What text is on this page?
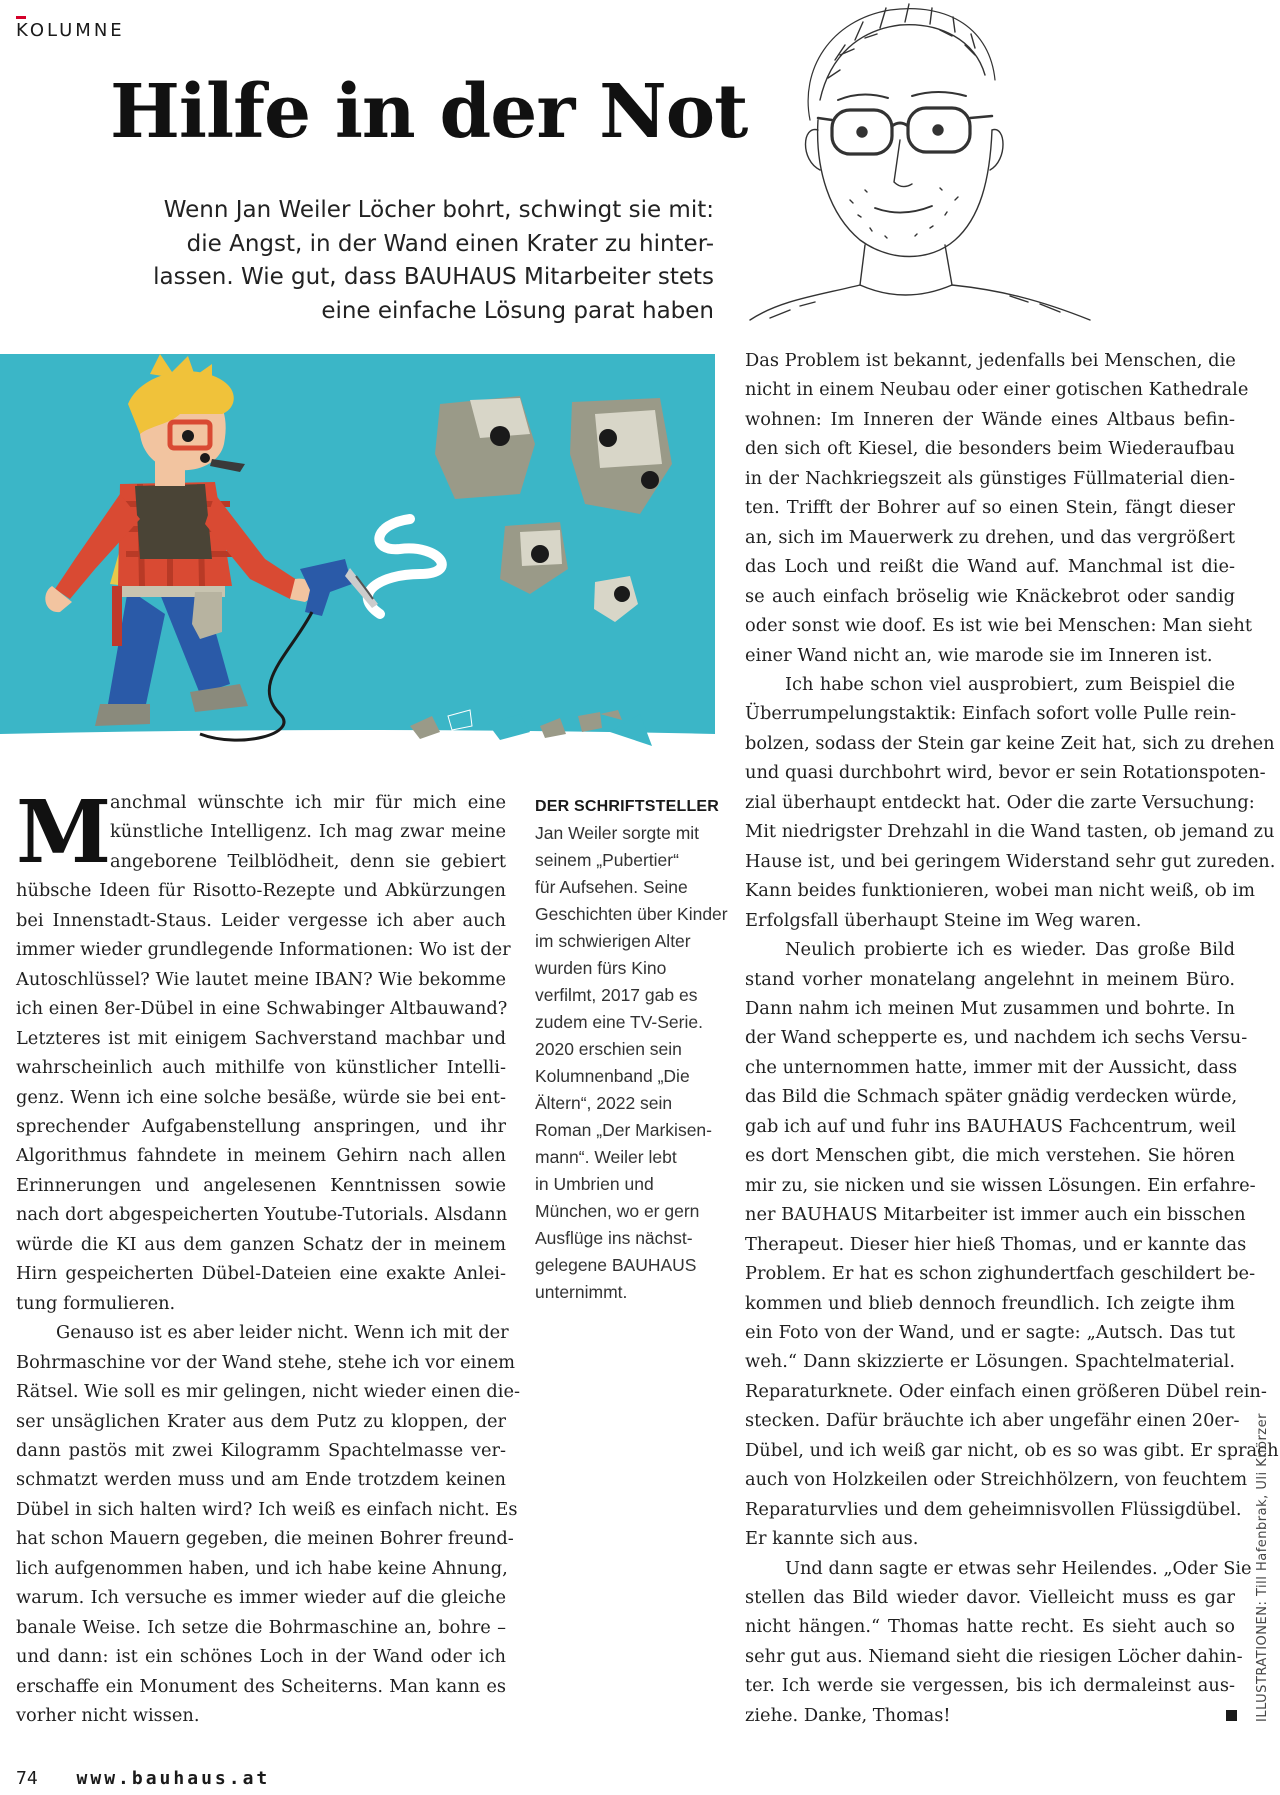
KOLUMNE
Hilfe in der Not

Wenn Jan Weiler Löcher bohrt, schwingt sie mit:
die Angst, in der Wand einen Krater zu hinter-
lassen. Wie gut, dass BAUHAUS Mitarbeiter stets
eine einfache Lösung parat haben

M
anchmal wünschte ich mir für mich eine
künstliche Intelligenz. Ich mag zwar meine
angeborene Teilblödheit, denn sie gebiert
hübsche Ideen für Risotto-Rezepte und Abkürzungen
bei Innenstadt-Staus. Leider vergesse ich aber auch
immer wieder grundlegende Informationen: Wo ist der
Autoschlüssel? Wie lautet meine IBAN? Wie bekomme
ich einen 8er-Dübel in eine Schwabinger Altbauwand?
Letzteres ist mit einigem Sachverstand machbar und
wahrscheinlich auch mithilfe von künstlicher Intelli-
genz. Wenn ich eine solche besäße, würde sie bei ent-
sprechender Aufgabenstellung anspringen, und ihr
Algorithmus fahndete in meinem Gehirn nach allen
Erinnerungen und angelesenen Kenntnissen sowie
nach dort abgespeicherten Youtube-Tutorials. Alsdann
würde die KI aus dem ganzen Schatz der in meinem
Hirn gespeicherten Dübel-Dateien eine exakte Anlei-
tung formulieren.
Genauso ist es aber leider nicht. Wenn ich mit der
Bohrmaschine vor der Wand stehe, stehe ich vor einem
Rätsel. Wie soll es mir gelingen, nicht wieder einen die-
ser unsäglichen Krater aus dem Putz zu kloppen, der
dann pastös mit zwei Kilogramm Spachtelmasse ver-
schmatzt werden muss und am Ende trotzdem keinen
Dübel in sich halten wird? Ich weiß es einfach nicht. Es
hat schon Mauern gegeben, die meinen Bohrer freund-
lich aufgenommen haben, und ich habe keine Ahnung,
warum. Ich versuche es immer wieder auf die gleiche
banale Weise. Ich setze die Bohrmaschine an, bohre –
und dann: ist ein schönes Loch in der Wand oder ich
erschaffe ein Monument des Scheiterns. Man kann es
vorher nicht wissen.
DER SCHRIFTSTELLER
Jan Weiler sorgte mit
seinem „Pubertier“
für Aufsehen. Seine
Geschichten über Kinder
im schwierigen Alter
wurden fürs Kino
verfilmt, 2017 gab es
zudem eine TV-Serie.
2020 erschien sein
Kolumnenband „Die
Ältern“, 2022 sein
Roman „Der Markisen-
mann“. Weiler lebt
in Umbrien und
München, wo er gern
Ausflüge ins nächst-
gelegene BAUHAUS
unternimmt.
Das Problem ist bekannt, jedenfalls bei Menschen, die
nicht in einem Neubau oder einer gotischen Kathedrale
wohnen: Im Inneren der Wände eines Altbaus befin-
den sich oft Kiesel, die besonders beim Wiederaufbau
in der Nachkriegszeit als günstiges Füllmaterial dien-
ten. Trifft der Bohrer auf so einen Stein, fängt dieser
an, sich im Mauerwerk zu drehen, und das vergrößert
das Loch und reißt die Wand auf. Manchmal ist die-
se auch einfach bröselig wie Knäckebrot oder sandig
oder sonst wie doof. Es ist wie bei Menschen: Man sieht
einer Wand nicht an, wie marode sie im Inneren ist.
Ich habe schon viel ausprobiert, zum Beispiel die
Überrumpelungstaktik: Einfach sofort volle Pulle rein-
bolzen, sodass der Stein gar keine Zeit hat, sich zu drehen
und quasi durchbohrt wird, bevor er sein Rotationspoten-
zial überhaupt entdeckt hat. Oder die zarte Versuchung:
Mit niedrigster Drehzahl in die Wand tasten, ob jemand zu
Hause ist, und bei geringem Widerstand sehr gut zureden.
Kann beides funktionieren, wobei man nicht weiß, ob im
Erfolgsfall überhaupt Steine im Weg waren.
Neulich probierte ich es wieder. Das große Bild
stand vorher monatelang angelehnt in meinem Büro.
Dann nahm ich meinen Mut zusammen und bohrte. In
der Wand schepperte es, und nachdem ich sechs Versu-
che unternommen hatte, immer mit der Aussicht, dass
das Bild die Schmach später gnädig verdecken würde,
gab ich auf und fuhr ins BAUHAUS Fachcentrum, weil
es dort Menschen gibt, die mich verstehen. Sie hören
mir zu, sie nicken und sie wissen Lösungen. Ein erfahre-
ner BAUHAUS Mitarbeiter ist immer auch ein bisschen
Therapeut. Dieser hier hieß Thomas, und er kannte das
Problem. Er hat es schon zighundertfach geschildert be-
kommen und blieb dennoch freundlich. Ich zeigte ihm
ein Foto von der Wand, und er sagte: „Autsch. Das tut
weh.“ Dann skizzierte er Lösungen. Spachtelmaterial.
Reparaturknete. Oder einfach einen größeren Dübel rein-
stecken. Dafür bräuchte ich aber ungefähr einen 20er-
Dübel, und ich weiß gar nicht, ob es so was gibt. Er sprach
auch von Holzkeilen oder Streichhölzern, von feuchtem
Reparaturvlies und dem geheimnisvollen Flüssigdübel.
Er kannte sich aus.
Und dann sagte er etwas sehr Heilendes. „Oder Sie
stellen das Bild wieder davor. Vielleicht muss es gar
nicht hängen.“ Thomas hatte recht. Es sieht auch so
sehr gut aus. Niemand sieht die riesigen Löcher dahin-
ter. Ich werde sie vergessen, bis ich dermaleinst aus-
ziehe. Danke, Thomas!	ILLUSTRATIONEN: Till Hafenbrak, Uli Knörzer
74 www.bauhaus.at
